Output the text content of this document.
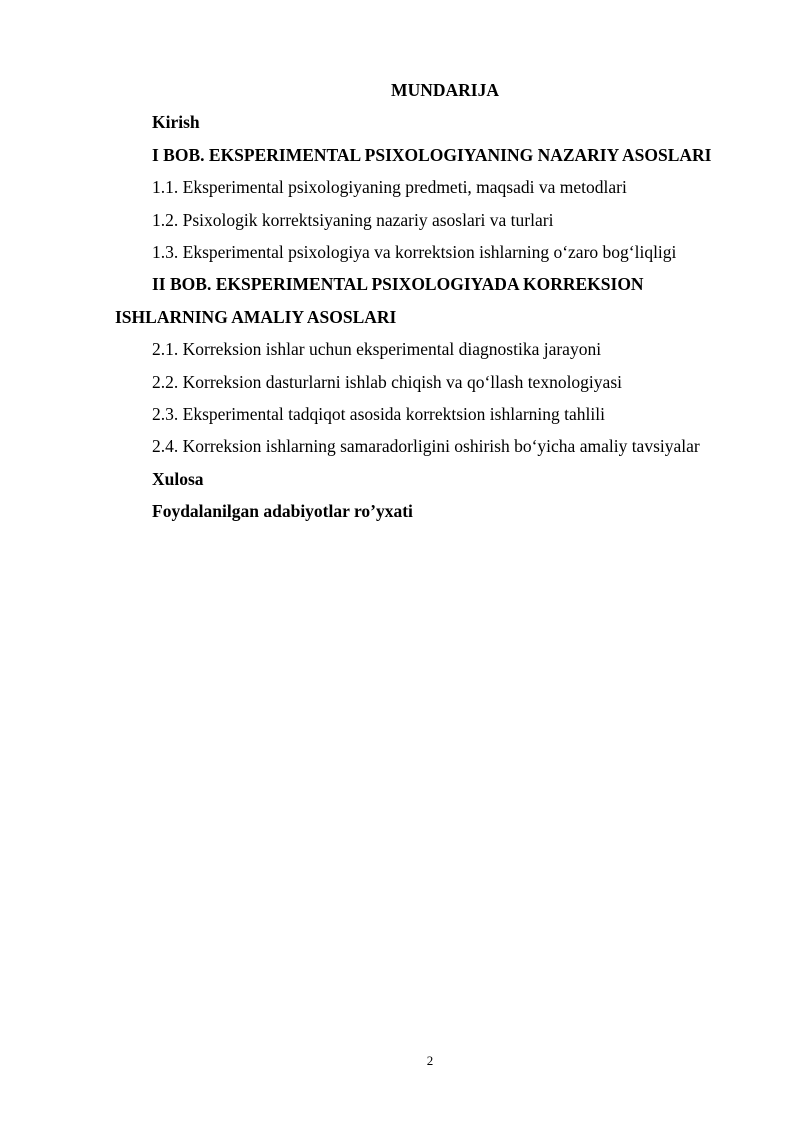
MUNDARIJA
Kirish
I BOB. EKSPERIMENTAL PSIXOLOGIYANING NAZARIY ASOSLARI
1.1. Eksperimental psixologiyaning predmeti, maqsadi va metodlari
1.2. Psixologik korrektsiyaning nazariy asoslari va turlari
1.3. Eksperimental psixologiya va korrektsion ishlarning oʻzaro bogʻliqligi
II BOB. EKSPERIMENTAL PSIXOLOGIYADA KORREKSION ISHLARNING AMALIY ASOSLARI
2.1. Korreksion ishlar uchun eksperimental diagnostika jarayoni
2.2. Korreksion dasturlarni ishlab chiqish va qoʻllash texnologiyasi
2.3. Eksperimental tadqiqot asosida korrektsion ishlarning tahlili
2.4. Korreksion ishlarning samaradorligini oshirish boʻyicha amaliy tavsiyalar
Xulosa
Foydalanilgan adabiyotlar ro’yxati
2
